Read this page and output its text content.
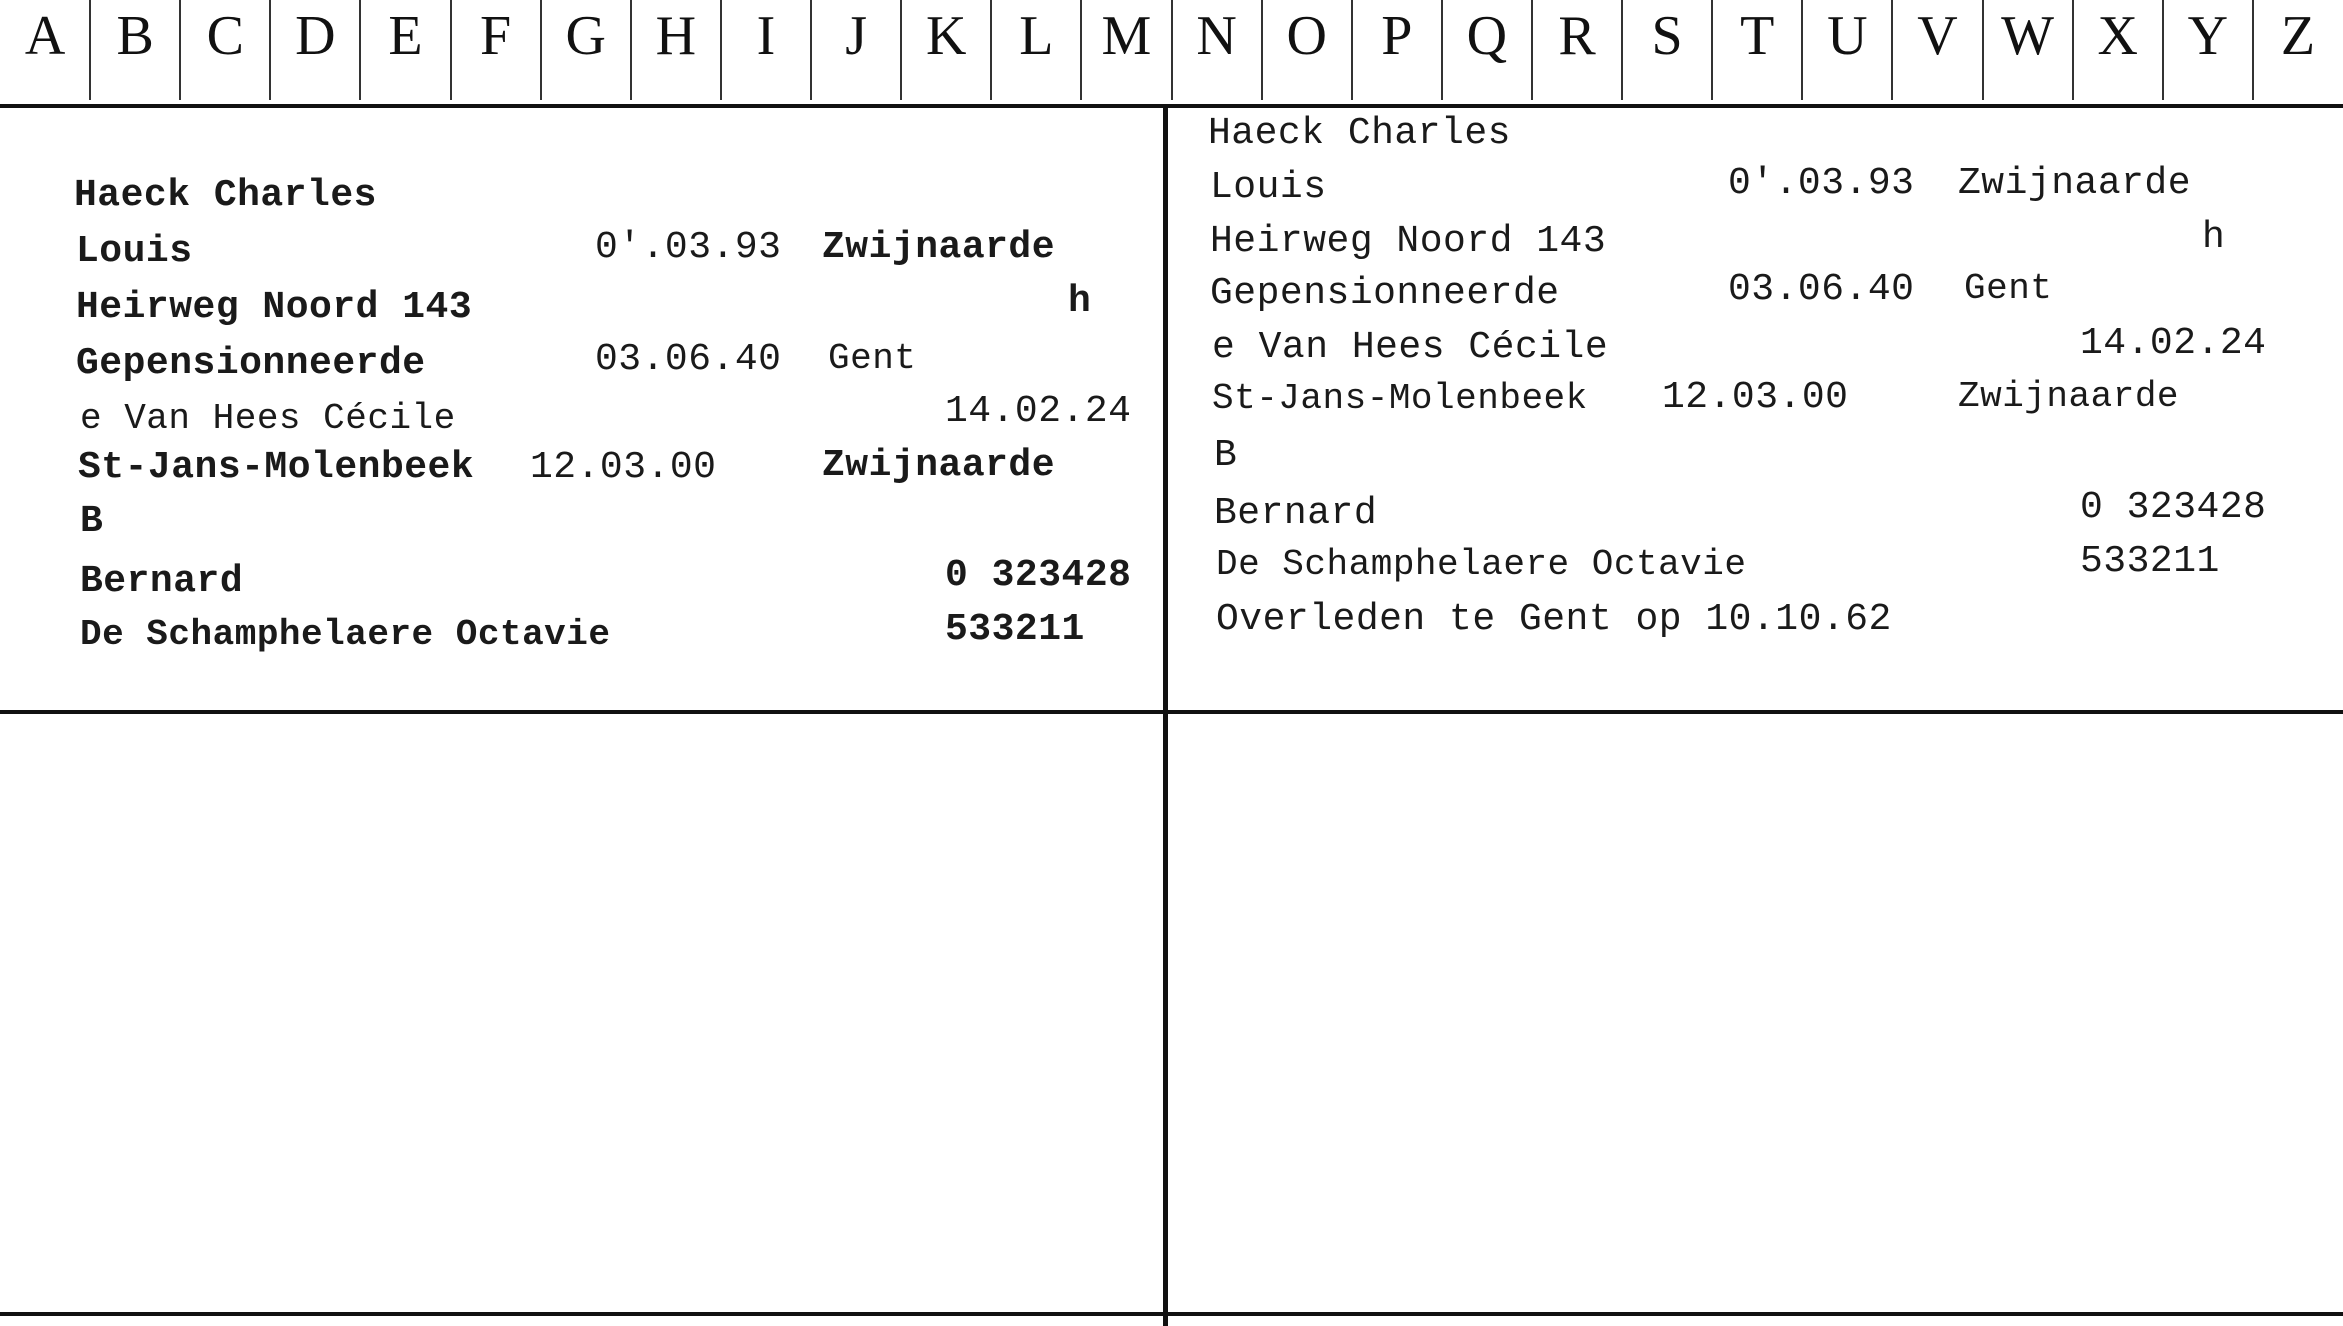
A B C D E	F G H	I	J	K L M N O P Q R S	T U V W X Y Z
Haeck Charles
Louis	0'.03.93 Zwijnaarde
Heirweg Noord 143	h
Gepensionneerde	03.06.40 Gent
e Van Hees Cécile	14.02.24
St-Jans-Molenbeek 12.03.00	Zwijnaarde
B
Bernard	0 323428
De Schamphelaere Octavie	533211
Haeck Charles
Louis	0'.03.93 Zwijnaarde
Heirweg Noord 143	h
Gepensionneerde	03.06.40 Gent
e Van Hees Cécile	14.02.24
St-Jans-Molenbeek 12.03.00	Zwijnaarde
B
Bernard	0 323428
De Schamphelaere Octavie	533211
Overleden te Gent op 10.10.62
